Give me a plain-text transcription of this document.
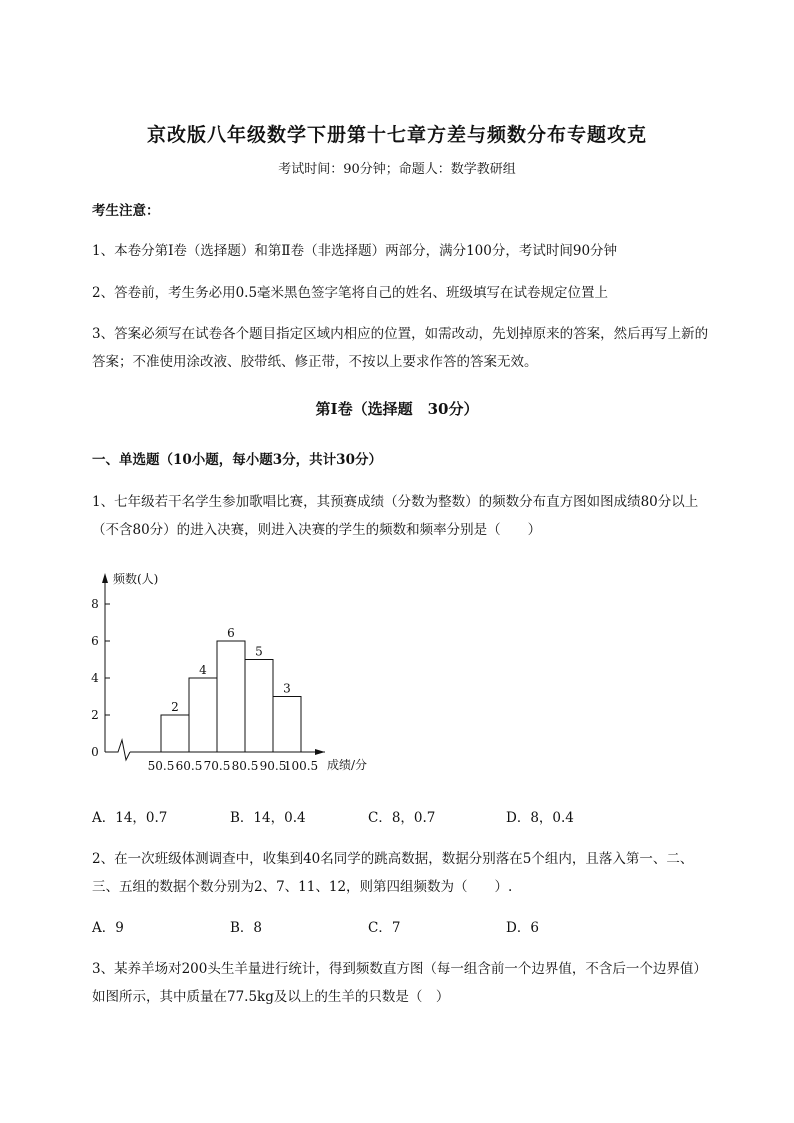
京改版八年级数学下册第十七章方差与频数分布专题攻克
考试时间：90分钟；命题人：数学教研组
考生注意：
1、本卷分第I卷（选择题）和第Ⅱ卷（非选择题）两部分，满分100分，考试时间90分钟
2、答卷前，考生务必用0.5毫米黑色签字笔将自己的姓名、班级填写在试卷规定位置上
3、答案必须写在试卷各个题目指定区域内相应的位置，如需改动，先划掉原来的答案，然后再写上新的答案；不准使用涂改液、胶带纸、修正带，不按以上要求作答的答案无效。
第I卷（选择题　30分）
一、单选题（10小题，每小题3分，共计30分）
1、七年级若干名学生参加歌唱比赛，其预赛成绩（分数为整数）的频数分布直方图如图成绩80分以上（不含80分）的进入决赛，则进入决赛的学生的频数和频率分别是（　　）
频数(人)
成绩/分
0
2
4
6
8
2
4
6
5
3
50.5 60.5 70.5 80.5 90.5
100.5
A．14，0.7	B．14，0.4	C．8，0.7	D．8，0.4
2、在一次班级体测调查中，收集到40名同学的跳高数据，数据分别落在5个组内，且落入第一、二、三、五组的数据个数分别为2、7、11、12，则第四组频数为（　　）.
A．9	B．8	C．7	D．6
3、某养羊场对200头生羊量进行统计，得到频数直方图（每一组含前一个边界值，不含后一个边界值）如图所示，其中质量在77.5kg及以上的生羊的只数是（　）
